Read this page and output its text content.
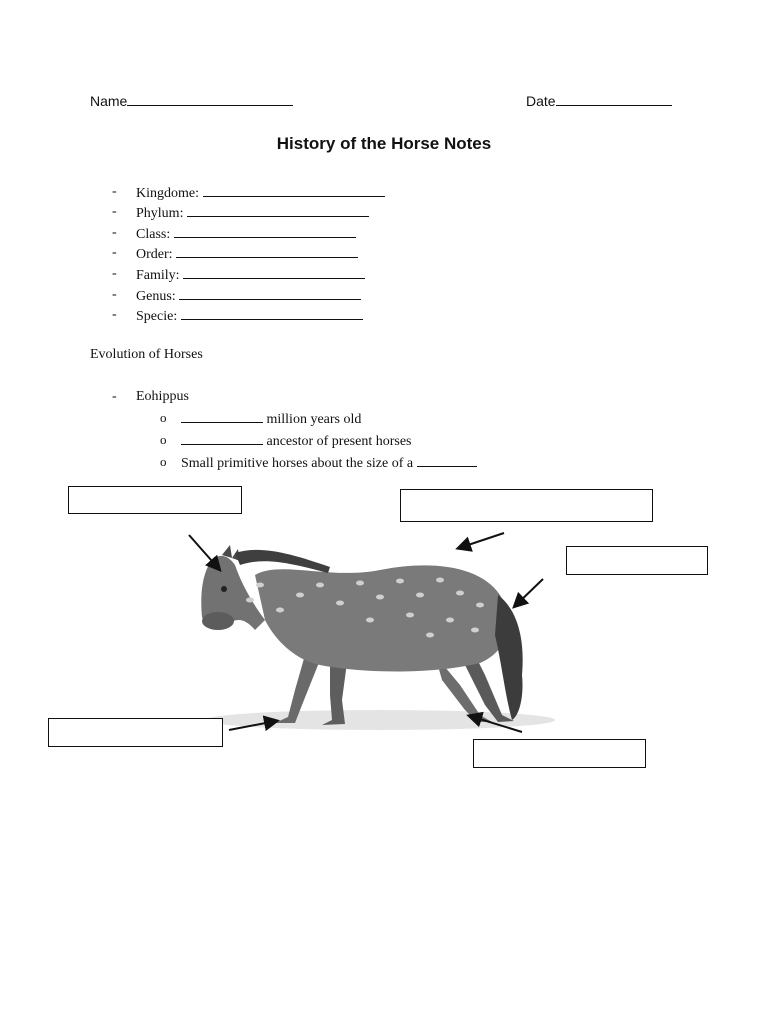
Name	Date
History of the Horse Notes
- Kingdome:
- Phylum:
- Class:
- Order:
- Family:
- Genus:
- Specie:
Evolution of Horses
- Eohippus
o	million years old
o	ancestor of present horses
o Small primitive horses about the size of a
